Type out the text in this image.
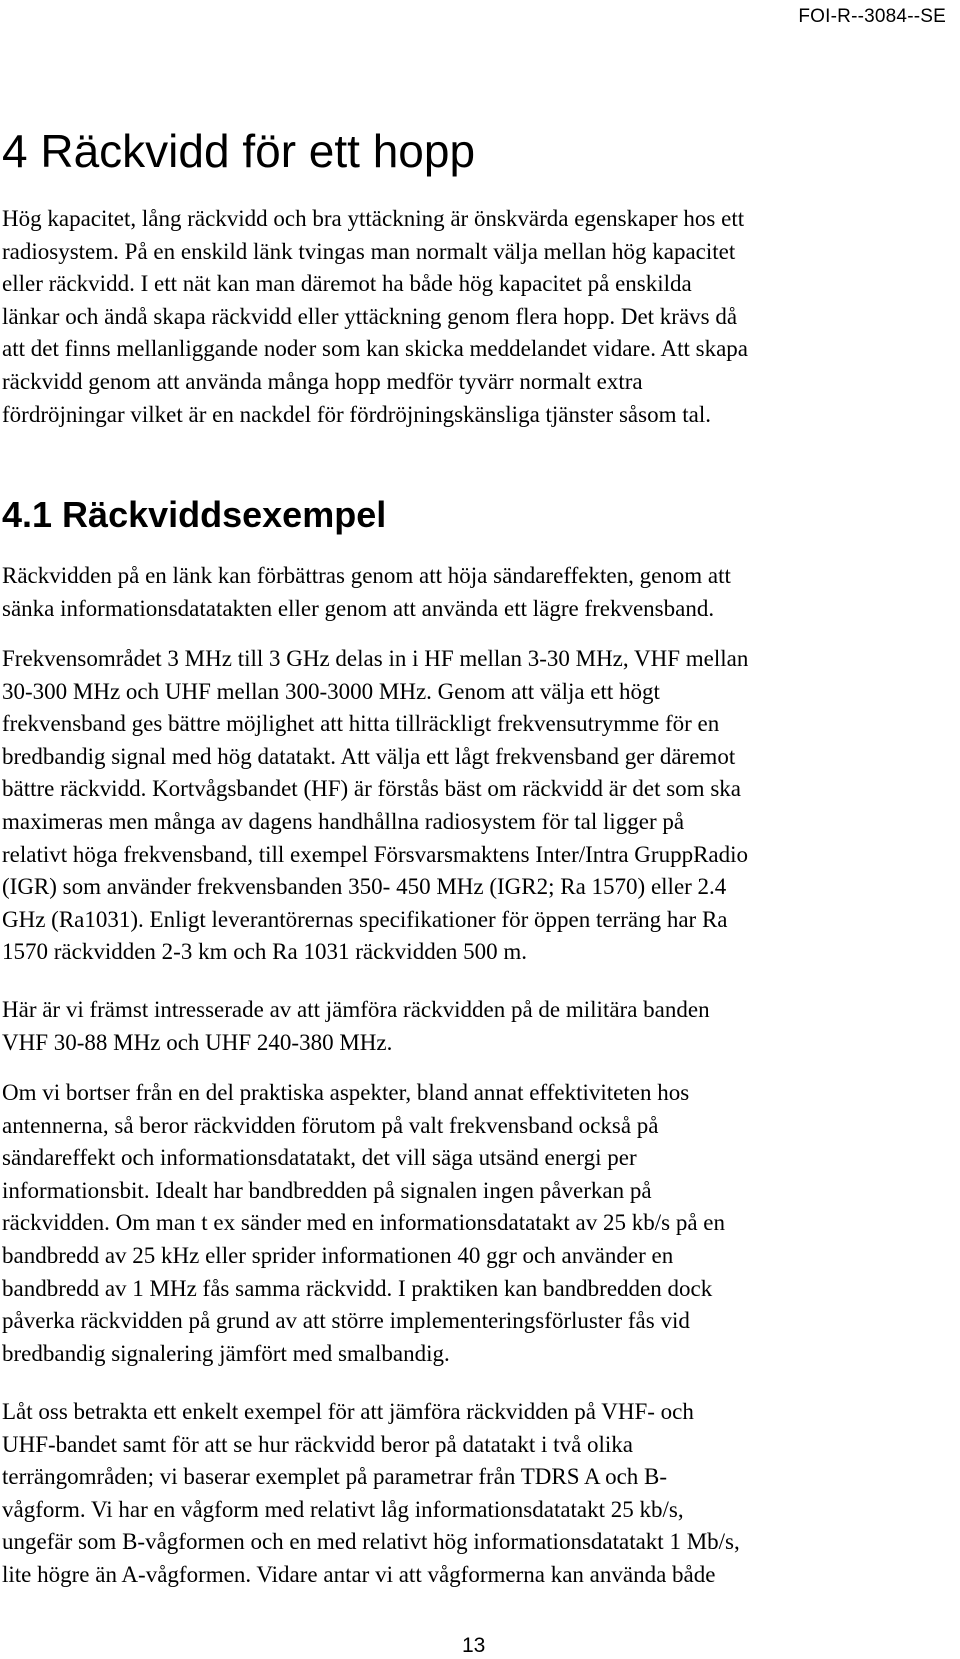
FOI-R--3084--SE
4 Räckvidd för ett hopp

Hög kapacitet, lång räckvidd och bra yttäckning är önskvärda egenskaper hos ett
radiosystem. På en enskild länk tvingas man normalt välja mellan hög kapacitet
eller räckvidd. I ett nät kan man däremot ha både hög kapacitet på enskilda
länkar och ändå skapa räckvidd eller yttäckning genom flera hopp. Det krävs då
att det finns mellanliggande noder som kan skicka meddelandet vidare. Att skapa
räckvidd genom att använda många hopp medför tyvärr normalt extra
fördröjningar vilket är en nackdel för fördröjningskänsliga tjänster såsom tal.

4.1 Räckviddsexempel

Räckvidden på en länk kan förbättras genom att höja sändareffekten, genom att
sänka informationsdatatakten eller genom att använda ett lägre frekvensband.

Frekvensområdet 3 MHz till 3 GHz delas in i HF mellan 3-30 MHz, VHF mellan
30-300 MHz och UHF mellan 300-3000 MHz. Genom att välja ett högt
frekvensband ges bättre möjlighet att hitta tillräckligt frekvensutrymme för en
bredbandig signal med hög datatakt. Att välja ett lågt frekvensband ger däremot
bättre räckvidd. Kortvågsbandet (HF) är förstås bäst om räckvidd är det som ska
maximeras men många av dagens handhållna radiosystem för tal ligger på
relativt höga frekvensband, till exempel Försvarsmaktens Inter/Intra GruppRadio
(IGR) som använder frekvensbanden 350- 450 MHz (IGR2; Ra 1570) eller 2.4
GHz (Ra1031). Enligt leverantörernas specifikationer för öppen terräng har Ra
1570 räckvidden 2-3 km och Ra 1031 räckvidden 500 m.

Här är vi främst intresserade av att jämföra räckvidden på de militära banden
VHF 30-88 MHz och UHF 240-380 MHz.

Om vi bortser från en del praktiska aspekter, bland annat effektiviteten hos
antennerna, så beror räckvidden förutom på valt frekvensband också på
sändareffekt och informationsdatatakt, det vill säga utsänd energi per
informationsbit. Idealt har bandbredden på signalen ingen påverkan på
räckvidden. Om man t ex sänder med en informationsdatatakt av 25 kb/s på en
bandbredd av 25 kHz eller sprider informationen 40 ggr och använder en
bandbredd av 1 MHz fås samma räckvidd. I praktiken kan bandbredden dock
påverka räckvidden på grund av att större implementeringsförluster fås vid
bredbandig signalering jämfört med smalbandig.

Låt oss betrakta ett enkelt exempel för att jämföra räckvidden på VHF- och
UHF-bandet samt för att se hur räckvidd beror på datatakt i två olika
terrängområden; vi baserar exemplet på parametrar från TDRS A och B-
vågform. Vi har en vågform med relativt låg informationsdatatakt 25 kb/s,
ungefär som B-vågformen och en med relativt hög informationsdatatakt 1 Mb/s,
lite högre än A-vågformen. Vidare antar vi att vågformerna kan använda både

13
